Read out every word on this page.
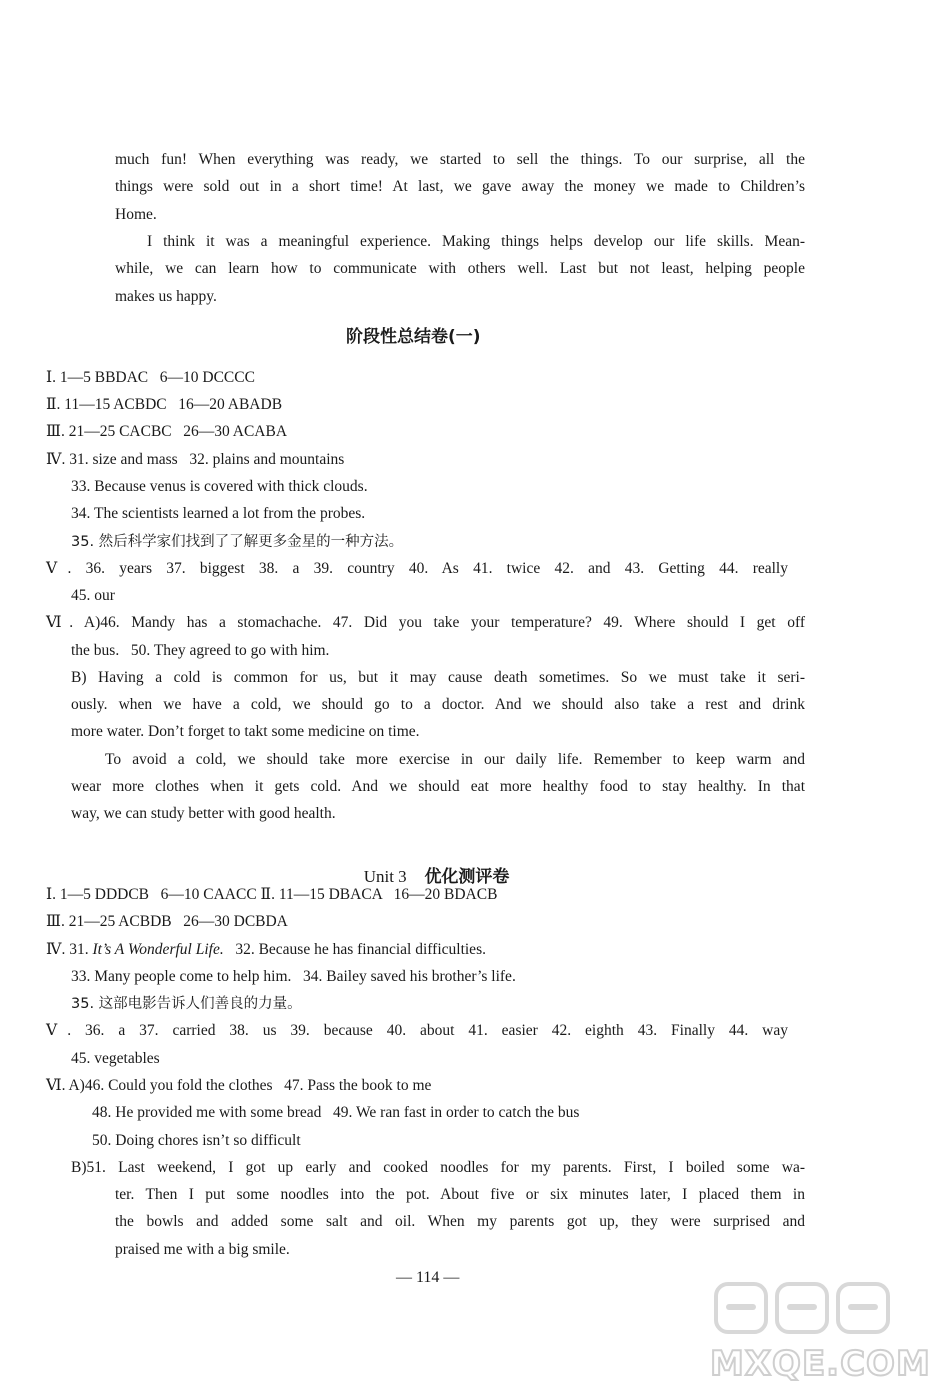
much fun! When everything was ready, we started to sell the things. To our surprise, all the

things were sold out in a short time! At last, we gave away the money we made to Children’s

Home.

I think it was a meaningful experience. Making things helps develop our life skills. Mean-

while, we can learn how to communicate with others well. Last but not least, helping people

makes us happy.

阶段性总结卷(一)

Ⅰ. 1—5 BBDAC   6—10 DCCCC

Ⅱ. 11—15 ACBDC   16—20 ABADB

Ⅲ. 21—25 CACBC   26—30 ACABA

Ⅳ. 31. size and mass   32. plains and mountains

33. Because venus is covered with thick clouds.

34. The scientists learned a lot from the probes.

35. 然后科学家们找到了了解更多金星的一种方法。

Ⅴ. 36. years 37. biggest 38. a 39. country 40. As 41. twice 42. and 43. Getting 44. really

45. our

Ⅵ. A)46. Mandy has a stomachache. 47. Did you take your temperature? 49. Where should I get off

the bus.   50. They agreed to go with him.

B) Having a cold is common for us, but it may cause death sometimes. So we must take it seri-

ously. when we have a cold, we should go to a doctor. And we should also take a rest and drink

more water. Don’t forget to takt some medicine on time.

To avoid a cold, we should take more exercise in our daily life. Remember to keep warm and

wear more clothes when it gets cold. And we should eat more healthy food to stay healthy. In that

way, we can study better with good health.

Unit 3 优化测评卷

Ⅰ. 1—5 DDDCB   6—10 CAACC Ⅱ. 11—15 DBACA   16—20 BDACB

Ⅲ. 21—25 ACBDB   26—30 DCBDA

Ⅳ. 31. It’s A Wonderful Life.   32. Because he has financial difficulties.

33. Many people come to help him.   34. Bailey saved his brother’s life.

35. 这部电影告诉人们善良的力量。

Ⅴ. 36. a 37. carried 38. us 39. because 40. about 41. easier 42. eighth 43. Finally 44. way

45. vegetables

Ⅵ. A)46. Could you fold the clothes   47. Pass the book to me

48. He provided me with some bread   49. We ran fast in order to catch the bus

50. Doing chores isn’t so difficult

B)51. Last weekend, I got up early and cooked noodles for my parents. First, I boiled some wa-

ter. Then I put some noodles into the pot. About five or six minutes later, I placed them in

the bowls and added some salt and oil. When my parents got up, they were surprised and

praised me with a big smile.

— 114 —
MXQE.COM
